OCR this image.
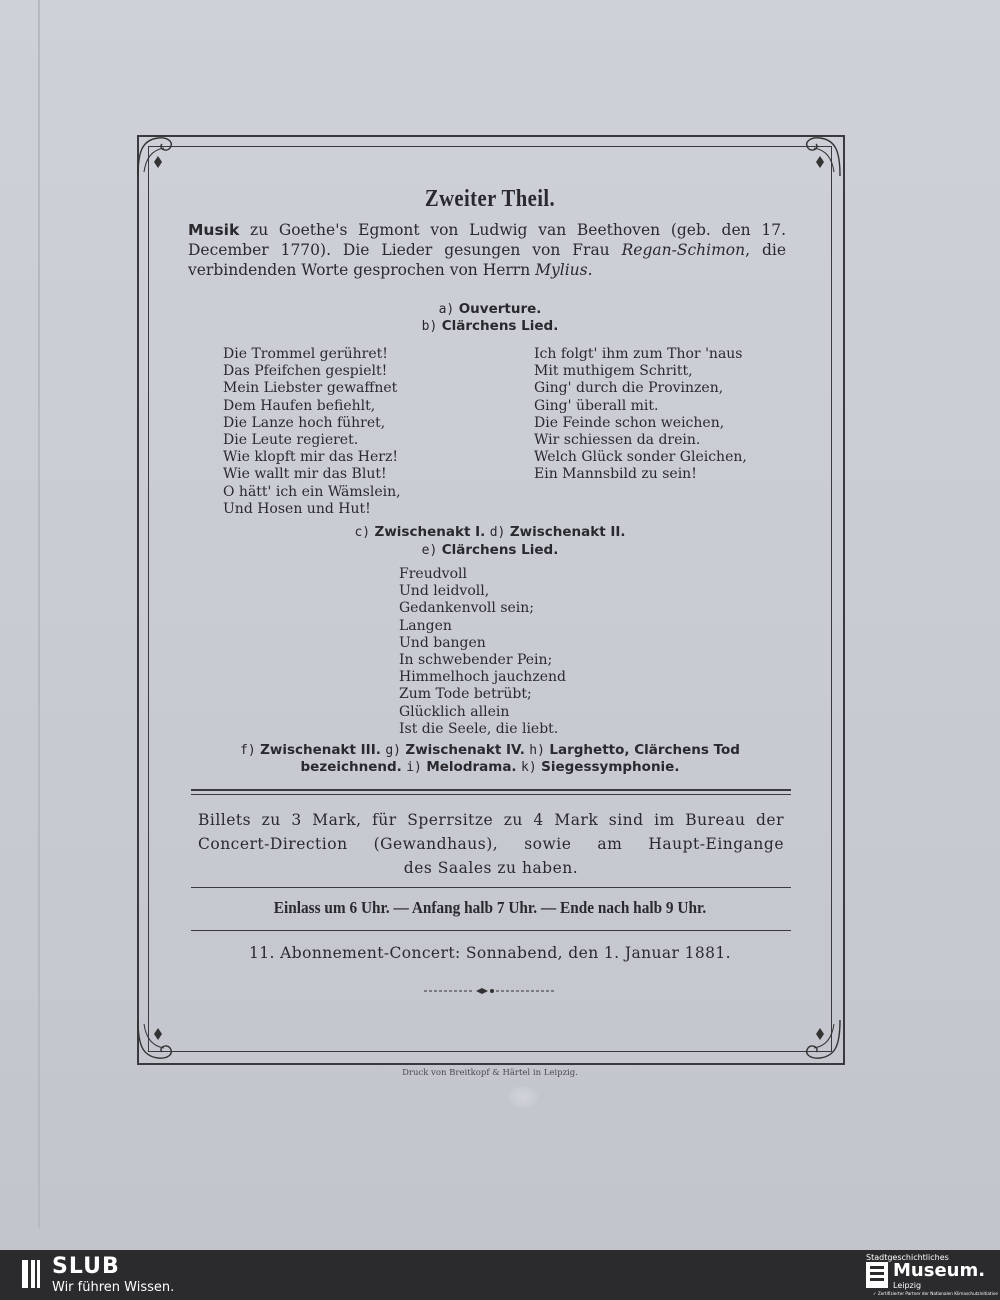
Zweiter Theil.
Musik zu Goethe's Egmont von Ludwig van Beethoven (geb. den 17. December 1770). Die Lieder gesungen von Frau Regan-Schimon, die verbindenden Worte gesprochen von Herrn Mylius.
a) Ouverture.
b) Clärchens Lied.
Die Trommel gerühret!
Das Pfeifchen gespielt!
Mein Liebster gewaffnet
Dem Haufen befiehlt,
Die Lanze hoch führet,
Die Leute regieret.
Wie klopft mir das Herz!
Wie wallt mir das Blut!
O hätt' ich ein Wämslein,
Und Hosen und Hut!
Ich folgt' ihm zum Thor 'naus
Mit muthigem Schritt,
Ging' durch die Provinzen,
Ging' überall mit.
Die Feinde schon weichen,
Wir schiessen da drein.
Welch Glück sonder Gleichen,
Ein Mannsbild zu sein!
c) Zwischenakt I. d) Zwischenakt II.
e) Clärchens Lied.
Freudvoll
Und leidvoll,
Gedankenvoll sein;
Langen
Und bangen
In schwebender Pein;
Himmelhoch jauchzend
Zum Tode betrübt;
Glücklich allein
Ist die Seele, die liebt.
f) Zwischenakt III. g) Zwischenakt IV. h) Larghetto, Clärchens Tod
bezeichnend. i) Melodrama. k) Siegessymphonie.
Billets zu 3 Mark, für Sperrsitze zu 4 Mark sind im Bureau der
Concert-Direction (Gewandhaus), sowie am Haupt-Eingange
des Saales zu haben.
Einlass um 6 Uhr. — Anfang halb 7 Uhr. — Ende nach halb 9 Uhr.
11. Abonnement-Concert: Sonnabend, den 1. Januar 1881.
Druck von Breitkopf & Härtel in Leipzig.
SLUB
Wir führen Wissen.
Stadtgeschichtliches
Museum.
Leipzig
✓ Zertifizierter Partner der Nationalen Klimaschutzinitiative
